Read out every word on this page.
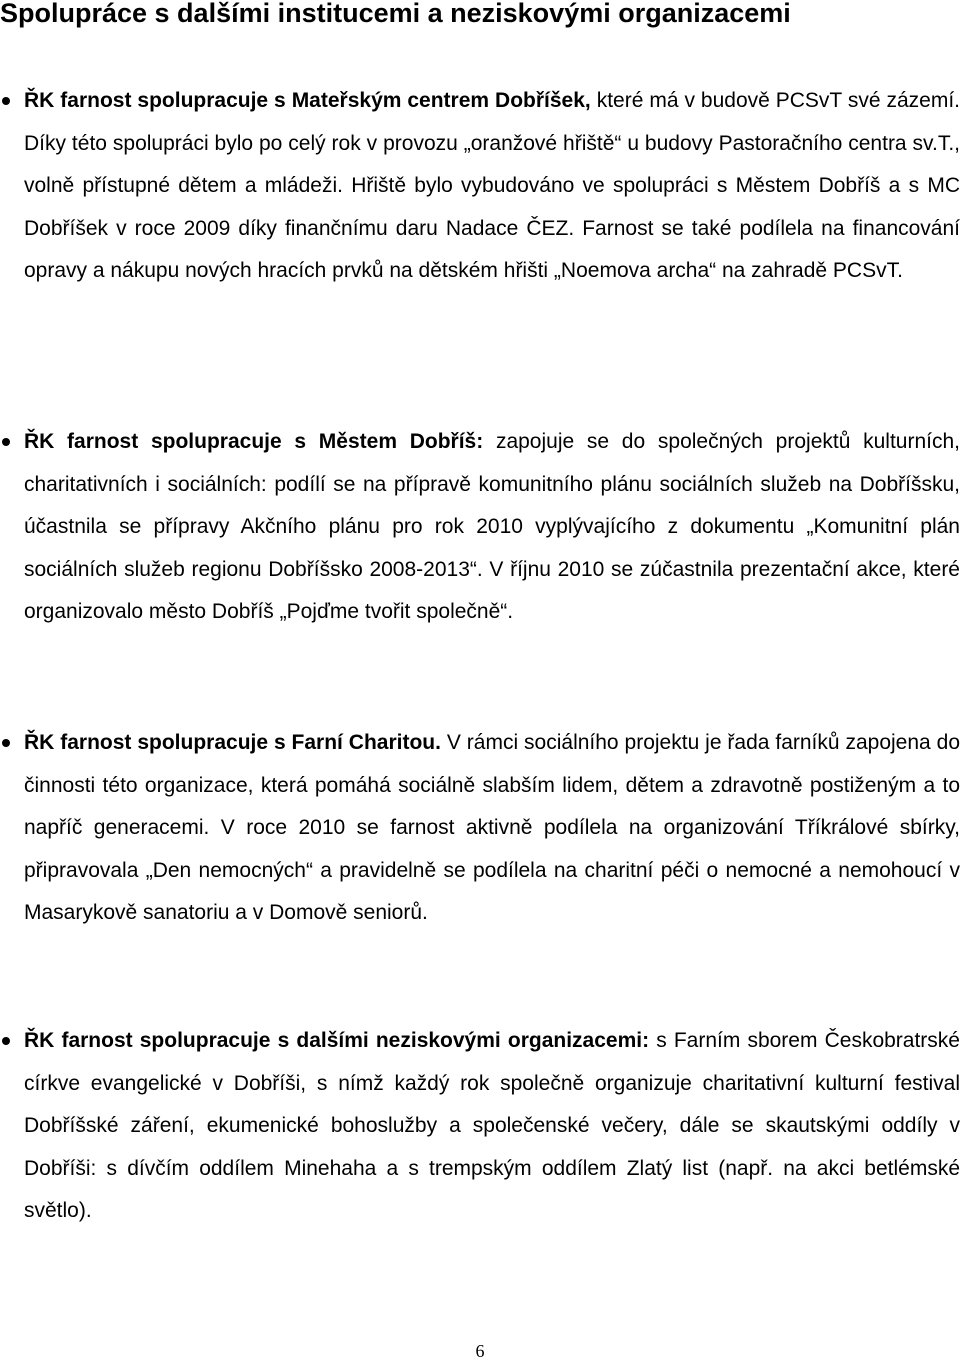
Spolupráce s dalšími institucemi a neziskovými organizacemi

ŘK farnost spolupracuje s Mateřským centrem Dobříšek, které má v budově PCSvT své zázemí. Díky této spolupráci bylo po celý rok v provozu „oranžové hřiště“ u budovy Pastoračního centra sv.T., volně přístupné dětem a mládeži. Hřiště bylo vybudováno ve spolupráci s Městem Dobříš a s MC Dobříšek v roce 2009 díky finančnímu daru Nadace ČEZ. Farnost se také podílela na financování opravy a nákupu nových hracích prvků na dětském hřišti „Noemova archa“ na zahradě PCSvT.

ŘK farnost spolupracuje s Městem Dobříš: zapojuje se do společných projektů kulturních, charitativních i sociálních: podílí se na přípravě komunitního plánu sociálních služeb na Dobříšsku, účastnila se přípravy Akčního plánu pro rok 2010 vyplývajícího z dokumentu „Komunitní plán sociálních služeb regionu Dobříšsko 2008-2013“. V říjnu 2010 se zúčastnila prezentační akce, které organizovalo město Dobříš „Pojďme tvořit společně“.

ŘK farnost spolupracuje s Farní Charitou. V rámci sociálního projektu je řada farníků zapojena do činnosti této organizace, která pomáhá sociálně slabším lidem, dětem a zdravotně postiženým a to napříč generacemi. V roce 2010 se farnost aktivně podílela na organizování Tříkrálové sbírky, připravovala „Den nemocných“ a pravidelně se podílela na charitní péči o nemocné a nemohoucí v Masarykově sanatoriu a v Domově seniorů.

ŘK farnost spolupracuje s dalšími neziskovými organizacemi: s Farním sborem Českobratrské církve evangelické v Dobříši, s nímž každý rok společně organizuje charitativní kulturní festival Dobříšské záření, ekumenické bohoslužby a společenské večery, dále se skautskými oddíly v Dobříši: s dívčím oddílem Minehaha a s trempským oddílem Zlatý list (např. na akci betlémské světlo).

6
